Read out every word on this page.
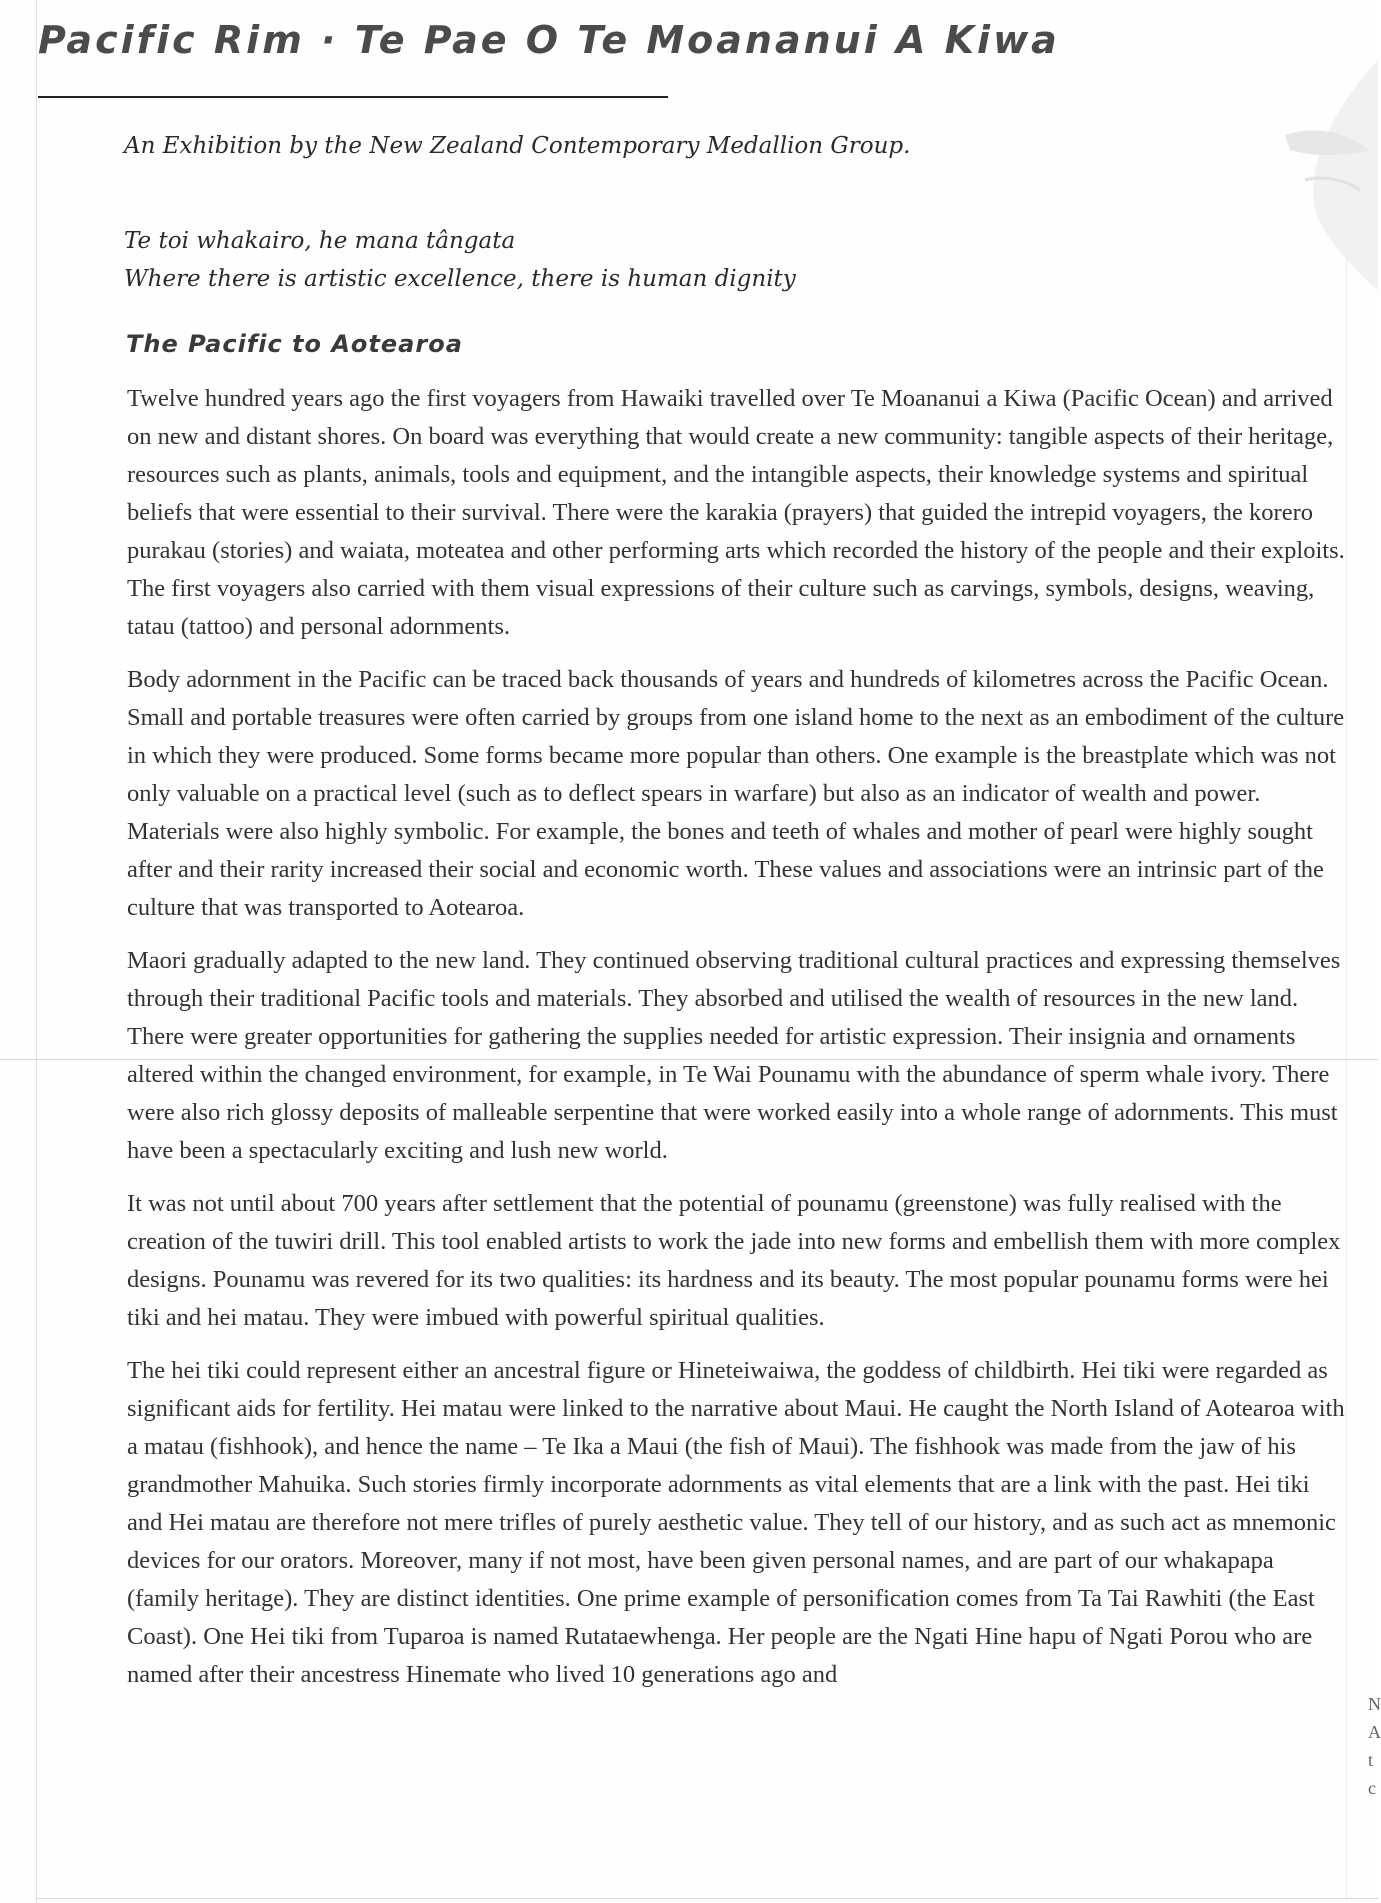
Pacific Rim · Te Pae O Te Moananui A Kiwa

An Exhibition by the New Zealand Contemporary Medallion Group.

Te toi whakairo, he mana tângata
Where there is artistic excellence, there is human dignity
The Pacific to Aotearoa

Twelve hundred years ago the first voyagers from Hawaiki travelled over Te Moananui a Kiwa (Pacific Ocean) and arrived on new and distant shores. On board was everything that would create a new community: tangible aspects of their heritage, resources such as plants, animals, tools and equipment, and the intangible aspects, their knowledge systems and spiritual beliefs that were essential to their survival. There were the karakia (prayers) that guided the intrepid voyagers, the korero purakau (stories) and waiata, moteatea and other performing arts which recorded the history of the people and their exploits. The first voyagers also carried with them visual expressions of their culture such as carvings, symbols, designs, weaving, tatau (tattoo) and personal adornments.

Body adornment in the Pacific can be traced back thousands of years and hundreds of kilometres across the Pacific Ocean. Small and portable treasures were often carried by groups from one island home to the next as an embodiment of the culture in which they were produced. Some forms became more popular than others. One example is the breastplate which was not only valuable on a practical level (such as to deflect spears in warfare) but also as an indicator of wealth and power. Materials were also highly symbolic. For example, the bones and teeth of whales and mother of pearl were highly sought after and their rarity increased their social and economic worth. These values and associations were an intrinsic part of the culture that was transported to Aotearoa.

Maori gradually adapted to the new land. They continued observing traditional cultural practices and expressing themselves through their traditional Pacific tools and materials. They absorbed and utilised the wealth of resources in the new land. There were greater opportunities for gathering the supplies needed for artistic expression. Their insignia and ornaments altered within the changed environment, for example, in Te Wai Pounamu with the abundance of sperm whale ivory. There were also rich glossy deposits of malleable serpentine that were worked easily into a whole range of adornments. This must have been a spectacularly exciting and lush new world.

It was not until about 700 years after settlement that the potential of pounamu (greenstone) was fully realised with the creation of the tuwiri drill. This tool enabled artists to work the jade into new forms and embellish them with more complex designs. Pounamu was revered for its two qualities: its hardness and its beauty. The most popular pounamu forms were hei tiki and hei matau. They were imbued with powerful spiritual qualities.

The hei tiki could represent either an ancestral figure or Hineteiwaiwa, the goddess of childbirth. Hei tiki were regarded as significant aids for fertility. Hei matau were linked to the narrative about Maui. He caught the North Island of Aotearoa with a matau (fishhook), and hence the name – Te Ika a Maui (the fish of Maui). The fishhook was made from the jaw of his grandmother Mahuika. Such stories firmly incorporate adornments as vital elements that are a link with the past. Hei tiki and Hei matau are therefore not mere trifles of purely aesthetic value. They tell of our history, and as such act as mnemonic devices for our orators. Moreover, many if not most, have been given personal names, and are part of our whakapapa (family heritage). They are distinct identities. One prime example of personification comes from Ta Tai Rawhiti (the East Coast). One Hei tiki from Tuparoa is named Rutataewhenga. Her people are the Ngati Hine hapu of Ngati Porou who are named after their ancestress Hinemate who lived 10 generations ago and

N
A
t
c
